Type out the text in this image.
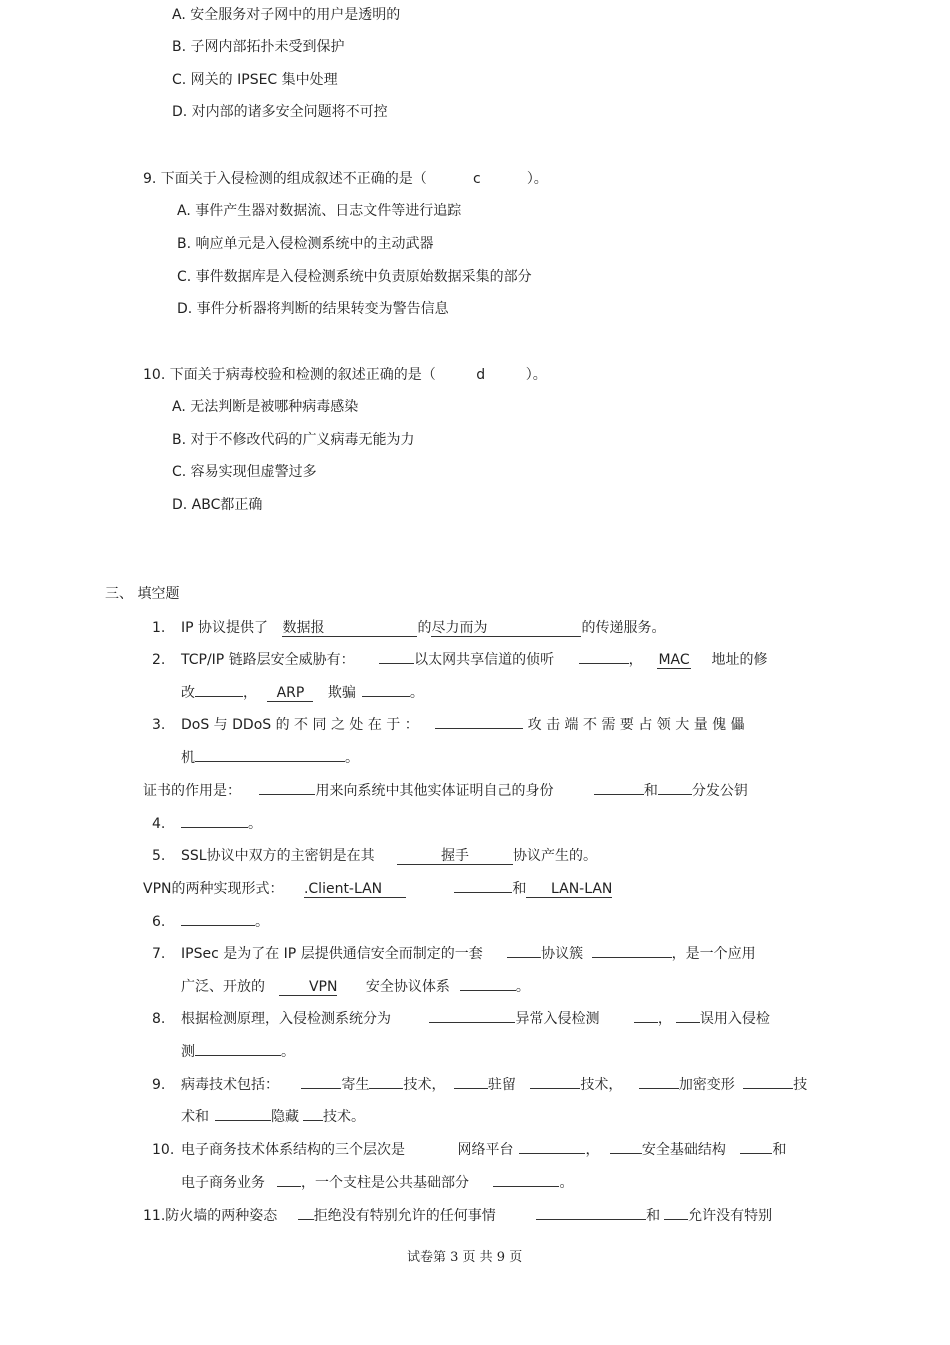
A. 安全服务对子网中的用户是透明的
B. 子网内部拓扑未受到保护
C. 网关的 IPSEC 集中处理
D. 对内部的诸多安全问题将不可控
9. 下面关于入侵检测的组成叙述不正确的是（	c	）。
A. 事件产生器对数据流、日志文件等进行追踪
B. 响应单元是入侵检测系统中的主动武器
C. 事件数据库是入侵检测系统中负责原始数据采集的部分
D. 事件分析器将判断的结果转变为警告信息
10. 下面关于病毒校验和检测的叙述正确的是（	d	）。
A. 无法判断是被哪种病毒感染
B. 对于不修改代码的广义病毒无能为力
C. 容易实现但虚警过多
D. ABC都正确
三、 填空题
1. IP 协议提供了 数据报	的尽力而为	的传递服务。
2. TCP/IP 链路层安全威胁有：	以太网共享信道的侦听	， MAC 地址的修
改	， ARP 欺骗	。
3. DoS 与 DDoS 的 不 同 之 处 在 于 ：	攻 击 端 不 需 要 占 领 大 量 傀 儡
机	。
证书的作用是：	用来向系统中其他实体证明自己的身份	和 分发公钥
4.	。
5. SSL协议中双方的主密钥是在其	握手	协议产生的。
VPN的两种实现形式： .Client-LAN	和 LAN-LAN
6.	。
7. IPSec 是为了在 IP 层提供通信安全而制定的一套	协议簇	，是一个应用
广泛、开放的	VPN 安全协议体系	。
8. 根据检测原理，入侵检测系统分为	异常入侵检测	， 误用入侵检
测	。
9. 病毒技术包括：	寄生 技术，	驻留	技术，	加密变形	技
术和	隐藏 技术。
10. 电子商务技术体系结构的三个层次是	网络平台	，	安全基础结构	和
电子商务业务	，一个支柱是公共基础部分	。
11.防火墙的两种姿态	拒绝没有特别允许的任何事情	和 允许没有特别
试卷第 3 页 共 9 页
